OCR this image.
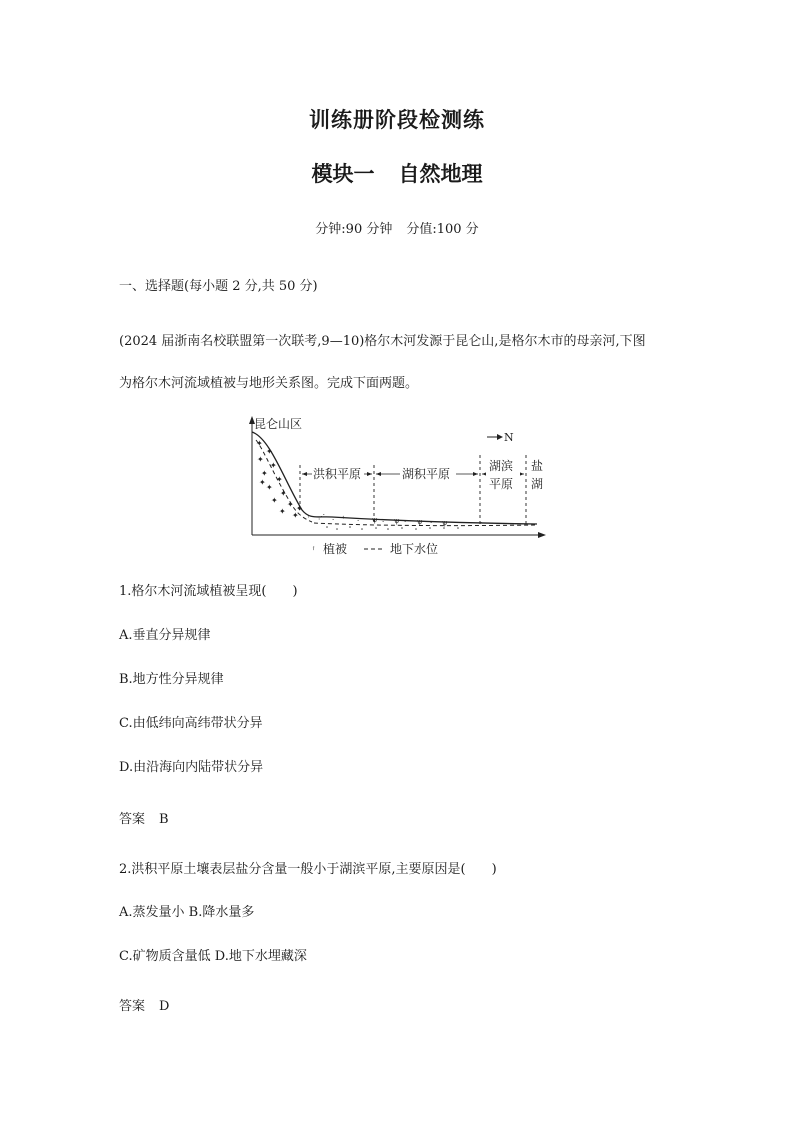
训练册阶段检测练
模块一 自然地理
分钟:90 分钟 分值:100 分
一、选择题(每小题 2 分,共 50 分)
(2024 届浙南名校联盟第一次联考,9—10)格尔木河发源于昆仑山,是格尔木市的母亲河,下图
为格尔木河流域植被与地形关系图。完成下面两题。
昆仑山区
N
✦
✦
✦
✦
✦
✦
✦
✦
✦ ✦
✦ ✦
✦
✦
ꜛ ⋰ · ꜛ · ψ · ψ · ψ · ψ · · ·
洪积平原	湖积平原
湖滨
平原
盐
湖
ꜛ 植被	地下水位
1.格尔木河流域植被呈现(　　)
A.垂直分异规律
B.地方性分异规律
C.由低纬向高纬带状分异
D.由沿海向内陆带状分异
答案 B
2.洪积平原土壤表层盐分含量一般小于湖滨平原,主要原因是(　　)
A.蒸发量小 B.降水量多
C.矿物质含量低 D.地下水埋藏深
答案 D
